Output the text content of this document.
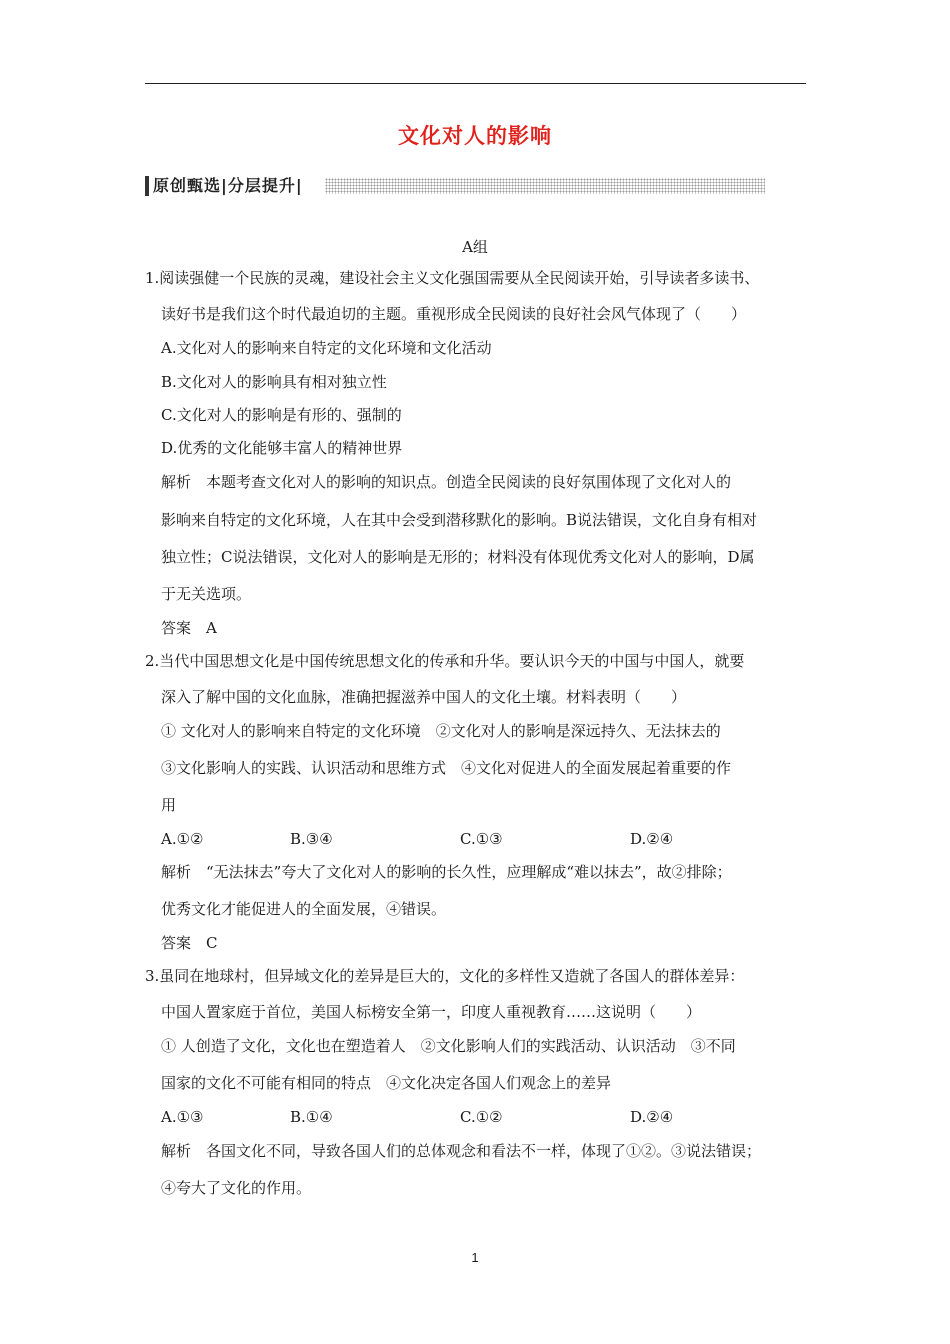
文化对人的影响
原创甄选|分层提升|
A组
1.阅读强健一个民族的灵魂，建设社会主义文化强国需要从全民阅读开始，引导读者多读书、
读好书是我们这个时代最迫切的主题。重视形成全民阅读的良好社会风气体现了（　　）
A.文化对人的影响来自特定的文化环境和文化活动
B.文化对人的影响具有相对独立性
C.文化对人的影响是有形的、强制的
D.优秀的文化能够丰富人的精神世界
解析　本题考查文化对人的影响的知识点。创造全民阅读的良好氛围体现了文化对人的
影响来自特定的文化环境，人在其中会受到潜移默化的影响。B说法错误，文化自身有相对
独立性；C说法错误，文化对人的影响是无形的；材料没有体现优秀文化对人的影响，D属
于无关选项。
答案　A
2.当代中国思想文化是中国传统思想文化的传承和升华。要认识今天的中国与中国人，就要
深入了解中国的文化血脉，准确把握滋养中国人的文化土壤。材料表明（　　）
① 文化对人的影响来自特定的文化环境　②文化对人的影响是深远持久、无法抹去的
③文化影响人的实践、认识活动和思维方式　④文化对促进人的全面发展起着重要的作
用
A.①②	B.③④	C.①③	D.②④
解析　“无法抹去”夸大了文化对人的影响的长久性，应理解成“难以抹去”，故②排除；
优秀文化才能促进人的全面发展，④错误。
答案　C
3.虽同在地球村，但异域文化的差异是巨大的，文化的多样性又造就了各国人的群体差异：
中国人置家庭于首位，美国人标榜安全第一，印度人重视教育……这说明（　　）
① 人创造了文化，文化也在塑造着人　②文化影响人们的实践活动、认识活动　③不同
国家的文化不可能有相同的特点　④文化决定各国人们观念上的差异
A.①③	B.①④	C.①②	D.②④
解析　各国文化不同，导致各国人们的总体观念和看法不一样，体现了①②。③说法错误；
④夸大了文化的作用。
1
